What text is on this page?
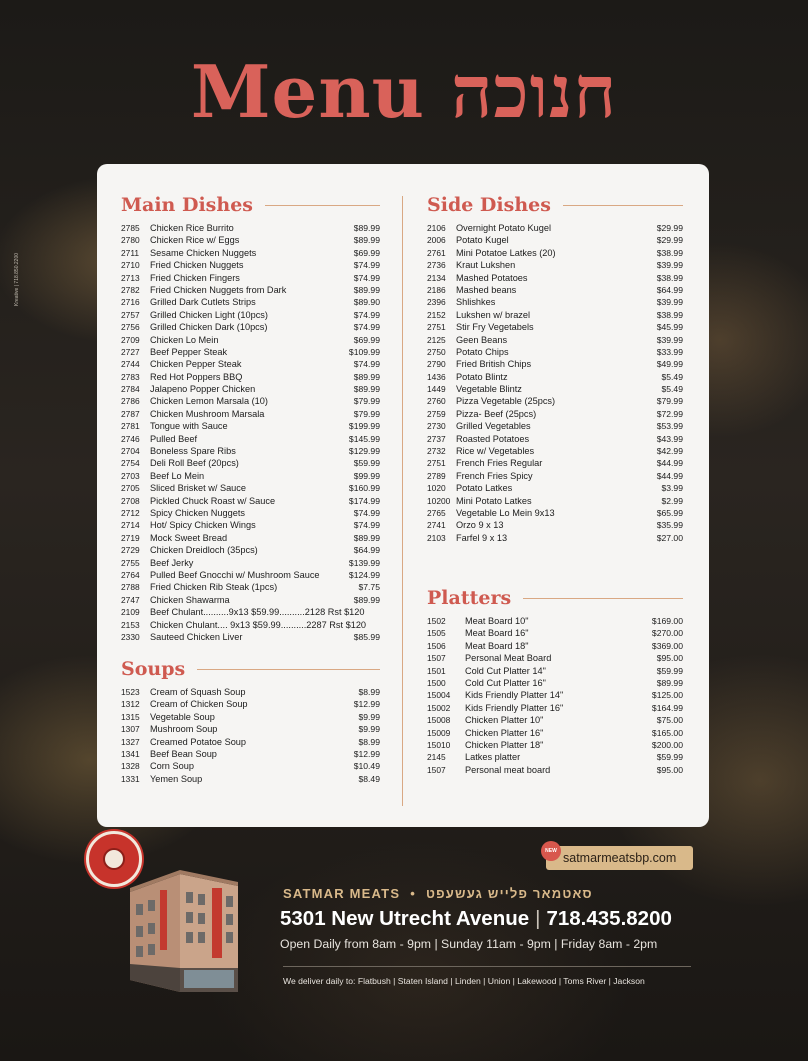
Kreative | 718.850.2200
Menu חנוכה
Main Dishes
2785	Chicken Rice Burrito	$89.99
2780	Chicken Rice w/ Eggs	$89.99
2711	Sesame Chicken Nuggets	$69.99
2710	Fried Chicken Nuggets	$74.99
2713	Fried Chicken Fingers	$74.99
2782	Fried Chicken Nuggets from Dark	$89.99
2716	Grilled Dark Cutlets Strips	$89.90
2757	Grilled Chicken Light (10pcs)	$74.99
2756	Grilled Chicken Dark (10pcs)	$74.99
2709	Chicken Lo Mein	$69.99
2727	Beef Pepper Steak	$109.99
2744	Chicken Pepper Steak	$74.99
2783	Red Hot Poppers BBQ	$89.99
2784	Jalapeno Popper Chicken	$89.99
2786	Chicken Lemon Marsala (10)	$79.99
2787	Chicken Mushroom Marsala	$79.99
2781	Tongue with Sauce	$199.99
2746	Pulled Beef	$145.99
2704	Boneless Spare Ribs	$129.99
2754	Deli Roll Beef (20pcs)	$59.99
2703	Beef Lo Mein	$99.99
2705	Sliced Brisket w/ Sauce	$160.99
2708	Pickled Chuck Roast w/ Sauce	$174.99
2712	Spicy Chicken Nuggets	$74.99
2714	Hot/ Spicy Chicken Wings	$74.99
2719	Mock Sweet Bread	$89.99
2729	Chicken Dreidloch (35pcs)	$64.99
2755	Beef Jerky	$139.99
2764	Pulled Beef Gnocchi w/ Mushroom Sauce	$124.99
2788	Fried Chicken Rib Steak (1pcs)	$7.75
2747	Chicken Shawarma	$89.99
2109	Beef Chulant..........9x13 $59.99..........2128 Rst $120
2153	Chicken Chulant.... 9x13 $59.99..........2287 Rst $120
2330	Sauteed Chicken Liver	$85.99
Soups
1523	Cream of Squash Soup	$8.99
1312	Cream of Chicken Soup	$12.99
1315	Vegetable Soup	$9.99
1307	Mushroom Soup	$9.99
1327	Creamed Potatoe Soup	$8.99
1341	Beef Bean Soup	$12.99
1328	Corn Soup	$10.49
1331	Yemen Soup	$8.49
Side Dishes
2106	Overnight Potato Kugel	$29.99
2006	Potato Kugel	$29.99
2761	Mini Potatoe Latkes (20)	$38.99
2736	Kraut Lukshen	$39.99
2134	Mashed Potatoes	$38.99
2186	Mashed beans	$64.99
2396	Shlishkes	$39.99
2152	Lukshen w/ brazel	$38.99
2751	Stir Fry Vegetabels	$45.99
2125	Geen Beans	$39.99
2750	Potato Chips	$33.99
2790	Fried British Chips	$49.99
1436	Potato Blintz	$5.49
1449	Vegetable Blintz	$5.49
2760	Pizza Vegetable (25pcs)	$79.99
2759	Pizza- Beef (25pcs)	$72.99
2730	Grilled Vegetables	$53.99
2737	Roasted Potatoes	$43.99
2732	Rice w/ Vegetables	$42.99
2751	French Fries Regular	$44.99
2789	French Fries Spicy	$44.99
1020	Potato Latkes	$3.99
10200 Mini Potato Latkes	$2.99
2765	Vegetable Lo Mein 9x13	$65.99
2741	Orzo 9 x 13	$35.99
2103	Farfel 9 x 13	$27.00
Platters
1502	Meat Board 10"	$169.00
1505	Meat Board 16"	$270.00
1506	Meat Board 18"	$369.00
1507	Personal Meat Board	$95.00
1501	Cold Cut Platter 14"	$59.99
1500	Cold Cut Platter 16"	$89.99
15004	Kids Friendly Platter 14"	$125.00
15002	Kids Friendly Platter 16"	$164.99
15008	Chicken Platter 10"	$75.00
15009	Chicken Platter 16"	$165.00
15010	Chicken Platter 18"	$200.00
2145	Latkes platter	$59.99
1507	Personal meat board	$95.00
satmarmeatsbp.com
NEW
SATMAR MEATS • סאטמאר פלייש געשעפט
5301 New Utrecht Avenue | 718.435.8200
Open Daily from 8am - 9pm | Sunday 11am - 9pm | Friday 8am - 2pm
We deliver daily to: Flatbush | Staten Island | Linden | Union | Lakewood | Toms River | Jackson
